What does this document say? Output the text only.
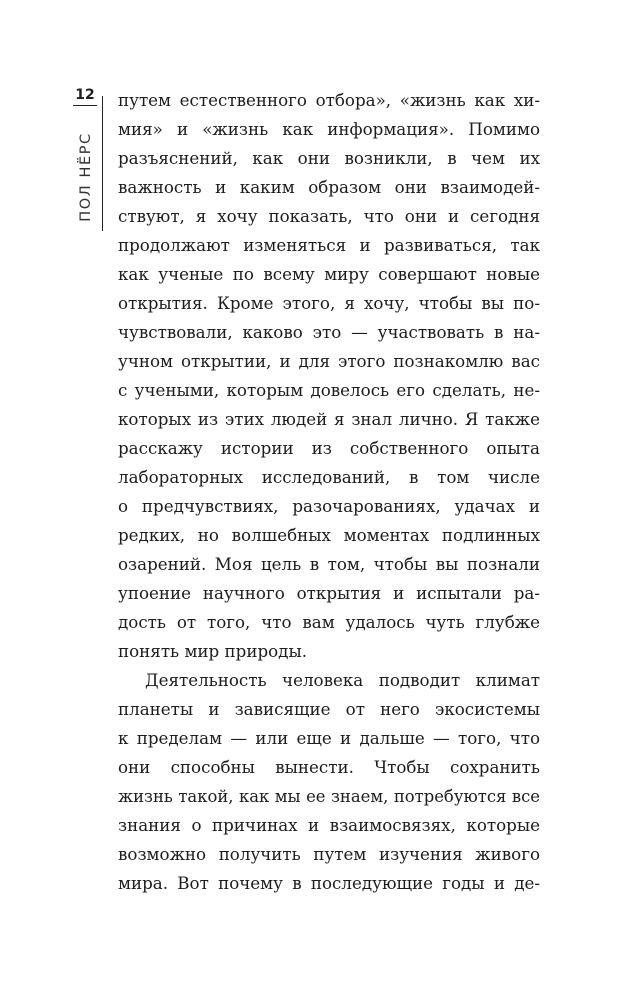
12
ПОЛ НЁРС
путем естественного отбора», «жизнь как хи-
мия» и «жизнь как информация». Помимо
разъяснений, как они возникли, в чем их
важность и каким образом они взаимодей-
ствуют, я хочу показать, что они и сегодня
продолжают изменяться и развиваться, так
как ученые по всему миру совершают новые
открытия. Кроме этого, я хочу, чтобы вы по-
чувствовали, каково это — участвовать в на-
учном открытии, и для этого познакомлю вас
с учеными, которым довелось его сделать, не-
которых из этих людей я знал лично. Я также
расскажу истории из собственного опыта
лабораторных исследований, в том числе
о предчувствиях, разочарованиях, удачах и
редких, но волшебных моментах подлинных
озарений. Моя цель в том, чтобы вы познали
упоение научного открытия и испытали ра-
дость от того, что вам удалось чуть глубже
понять мир природы.
Деятельность человека подводит климат
планеты и зависящие от него экосистемы
к пределам — или еще и дальше — того, что
они способны вынести. Чтобы сохранить
жизнь такой, как мы ее знаем, потребуются все
знания о причинах и взаимосвязях, которые
возможно получить путем изучения живого
мира. Вот почему в последующие годы и де-
